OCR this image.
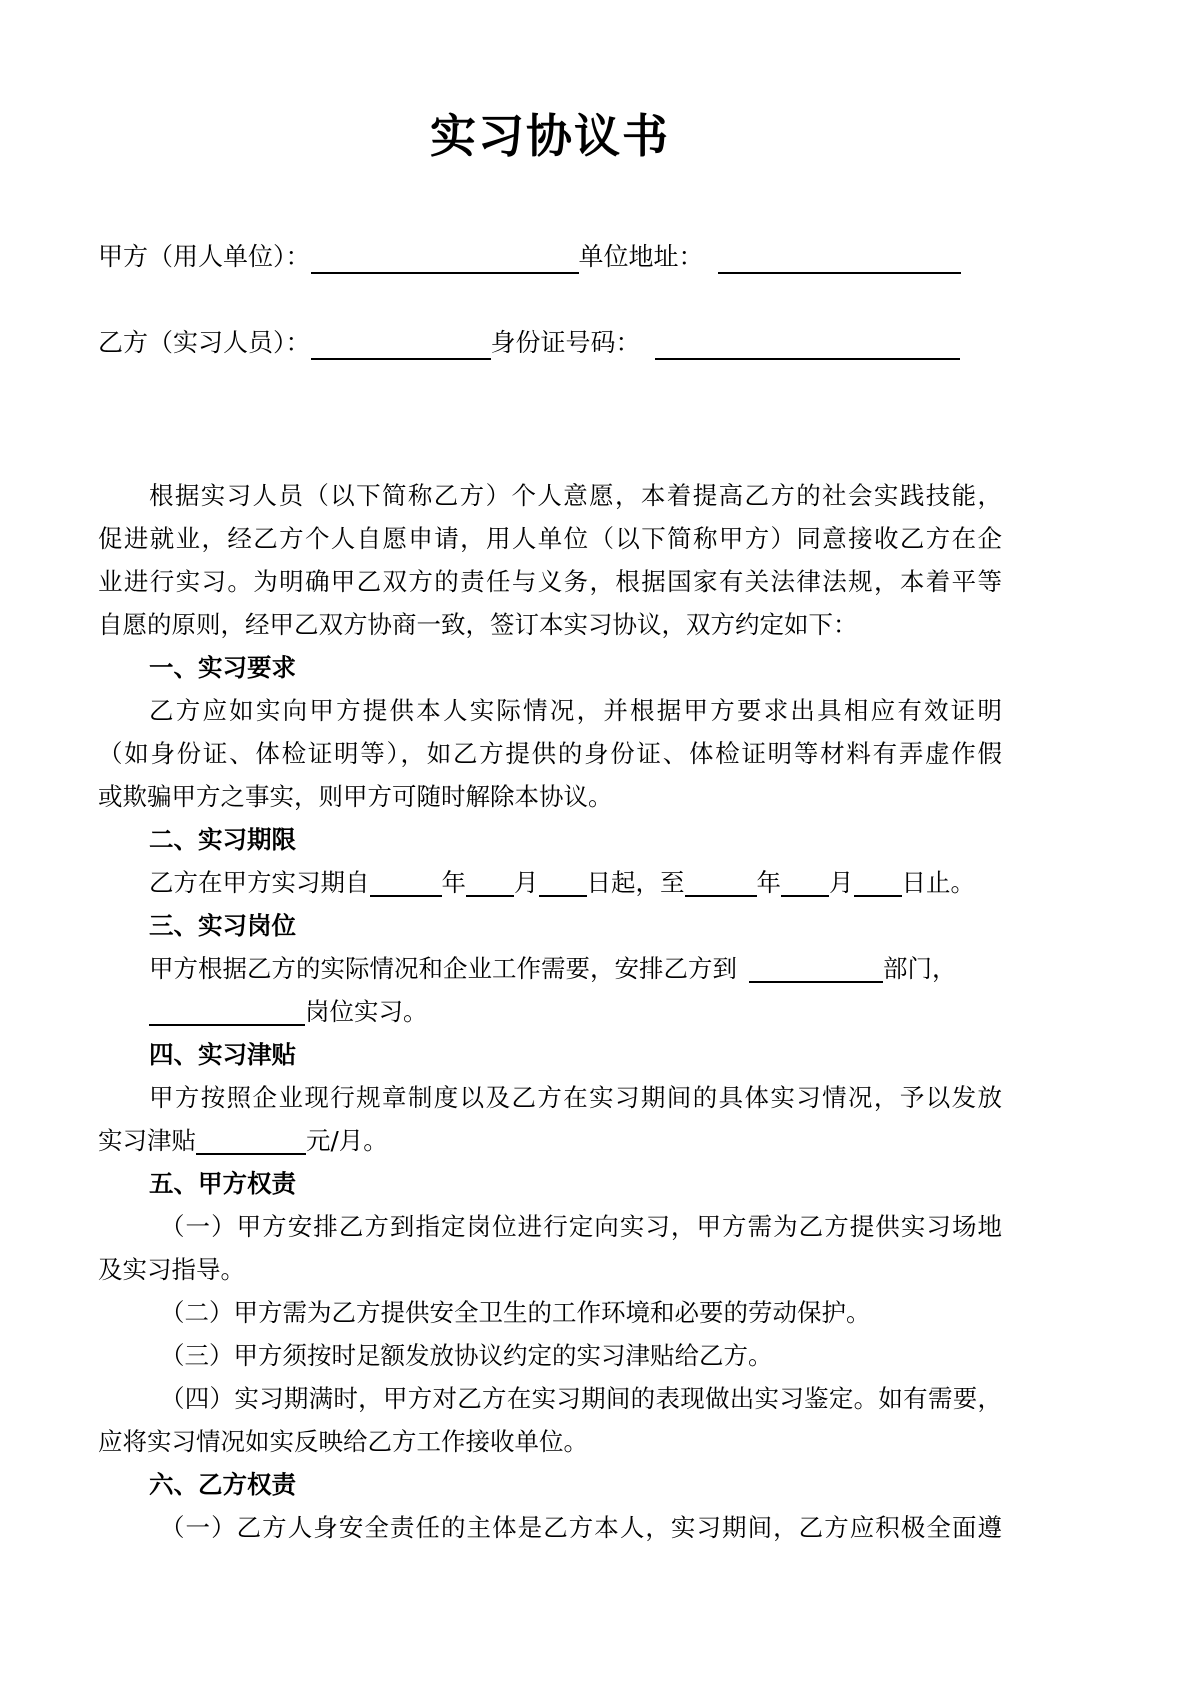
实习协议书
甲方（用人单位）：	单位地址：
乙方（实习人员）：	身份证号码：
根据实习人员（以下简称乙方）个人意愿，本着提高乙方的社会实践技能，
促进就业，经乙方个人自愿申请，用人单位（以下简称甲方）同意接收乙方在企
业进行实习。为明确甲乙双方的责任与义务，根据国家有关法律法规，本着平等
自愿的原则，经甲乙双方协商一致，签订本实习协议，双方约定如下：
一、实习要求
乙方应如实向甲方提供本人实际情况，并根据甲方要求出具相应有效证明
（如身份证、体检证明等），如乙方提供的身份证、体检证明等材料有弄虚作假
或欺骗甲方之事实，则甲方可随时解除本协议。
二、实习期限
乙方在甲方实习期自	年 月 日起，至	年 月 日止。
三、实习岗位
甲方根据乙方的实际情况和企业工作需要，安排乙方到	部门，
岗位实习。
四、实习津贴
甲方按照企业现行规章制度以及乙方在实习期间的具体实习情况，予以发放
实习津贴	元/月。
五、甲方权责
（一）甲方安排乙方到指定岗位进行定向实习，甲方需为乙方提供实习场地
及实习指导。
（二）甲方需为乙方提供安全卫生的工作环境和必要的劳动保护。
（三）甲方须按时足额发放协议约定的实习津贴给乙方。
（四）实习期满时，甲方对乙方在实习期间的表现做出实习鉴定。如有需要，
应将实习情况如实反映给乙方工作接收单位。
六、乙方权责
（一）乙方人身安全责任的主体是乙方本人，实习期间，乙方应积极全面遵
